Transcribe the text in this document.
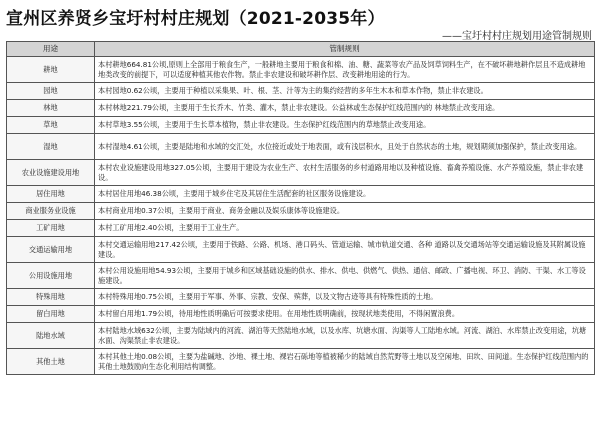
宣州区养贤乡宝圩村村庄规划（2021-2035年）
——宝圩村村庄规划用途管制规则
用途	管制规则
耕地	本村耕地664.81公顷,原则上全部用于粮食生产，一般耕地主要用于粮食和棉、油、糖、蔬菜等农产品及饲草饲料生产，在不破坏耕地耕作层且不造成耕地地类改变的前提下，可以适度种植其他农作物。禁止非农建设和破坏耕作层、改变耕地用途的行为。
园地	本村园地0.62公顷，主要用于种植以采集果、叶、根、茎、汁等为主的集约经营的多年生木本和草本作物，禁止非农建设。
林地	本村林地221.79公顷，主要用于生长乔木、竹类、灌木，禁止非农建设。公益林或生态保护红线范围内的 林地禁止改变用途。
草地	本村草地3.55公顷，主要用于生长草本植物，禁止非农建设。生态保护红线范围内的草地禁止改变用途。
湿地	本村湿地4.61公顷，主要是陆地和水域的交汇处，水位接近或处于地表面，或有浅层积水，且处于自然状态的土地，规划期须加强保护，禁止改变用途。
农业设施建设用地	本村农业设施建设用地327.05公顷，主要用于建设为农业生产、农村生活服务的乡村道路用地以及种植设施、畜禽养殖设施、水产养殖设施，禁止非农建设。
居住用地	本村居住用地46.38公顷，主要用于城乡住宅及其居住生活配套的社区服务设施建设。
商业服务业设施	本村商业用地0.37公顷，主要用于商业、商务金融以及娱乐康体等设施建设。
工矿用地	本村工矿用地2.40公顷，主要用于工业生产。
交通运输用地	本村交通运输用地217.42公顷，主要用于铁路、公路、机场、港口码头、管道运输、城市轨道交通、各种 道路以及交通场站等交通运输设施及其附属设施建设。
公用设施用地	本村公用设施用地54.93公顷，主要用于城乡和区域基础设施的供水、排水、供电、供燃气、供热、通信、邮政、广播电视、环卫、消防、干渠、水工等设施建设。
特殊用地	本村特殊用地0.75公顷，主要用于军事、外事、宗教、安保、殡葬，以及文物古迹等具有特殊性质的土地。
留白用地	本村留白用地1.79公顷，待用地性质明确后可按要求使用。在用地性质明确前，按现状地类使用，不得闲置浪费。
陆地水域	本村陆地水域632公顷，主要为陆域内的河流、湖泊等天然陆地水域，以及水库、坑塘水面、沟渠等人工陆地水域。河流、湖泊、水库禁止改变用途，坑塘水面、沟渠禁止非农建设。
其他土地	本村其他土地0.08公顷，主要为盐碱地、沙地、裸土地、裸岩石砾地等植被稀少的陆域自然荒野等土地以及空闲地、田坎、田间道。生态保护红线范围内的其他土地鼓励向生态化利用结构调整。
